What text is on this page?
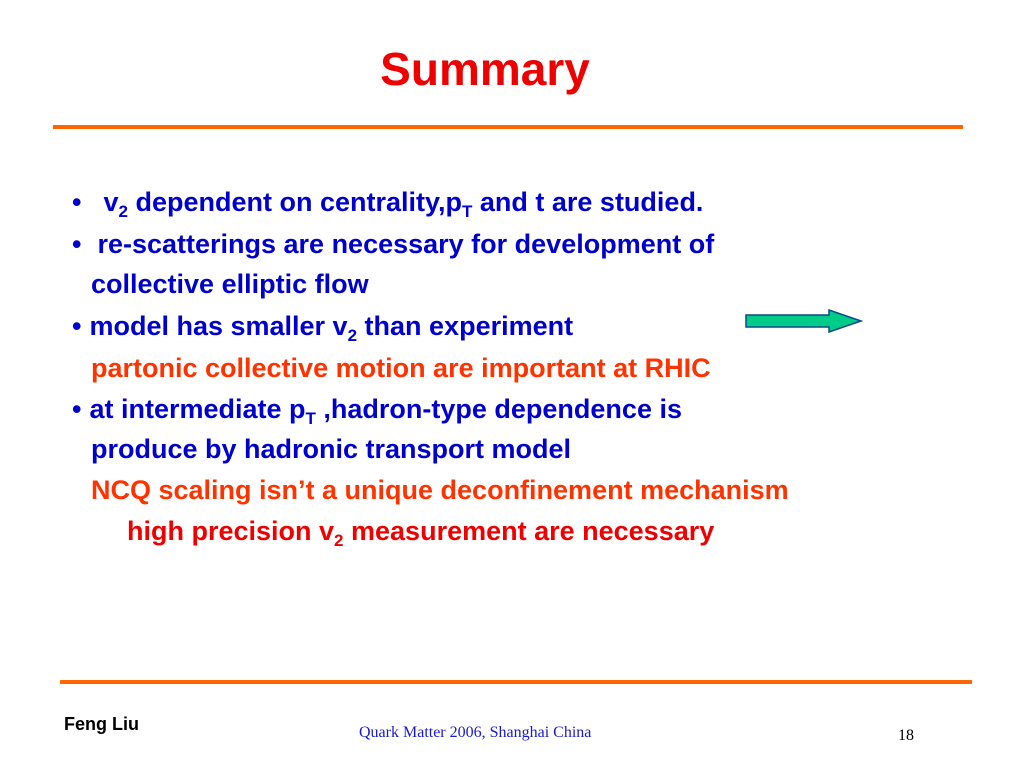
Summary
• $v_2$ dependent on $centrality,p_T$ and t are studied.
• re-scatterings are necessary for development of
collective elliptic flow
• model has smaller $v_2$ than experiment
partonic collective motion are important at RHIC
• at intermediate $p_T$ ,hadron-type dependence is
produce by hadronic transport model
NCQ scaling isn’t a unique deconfinement mechanism
high precision $v_2$ measurement are necessary
Feng Liu	Quark Matter 2006, Shanghai China	18
